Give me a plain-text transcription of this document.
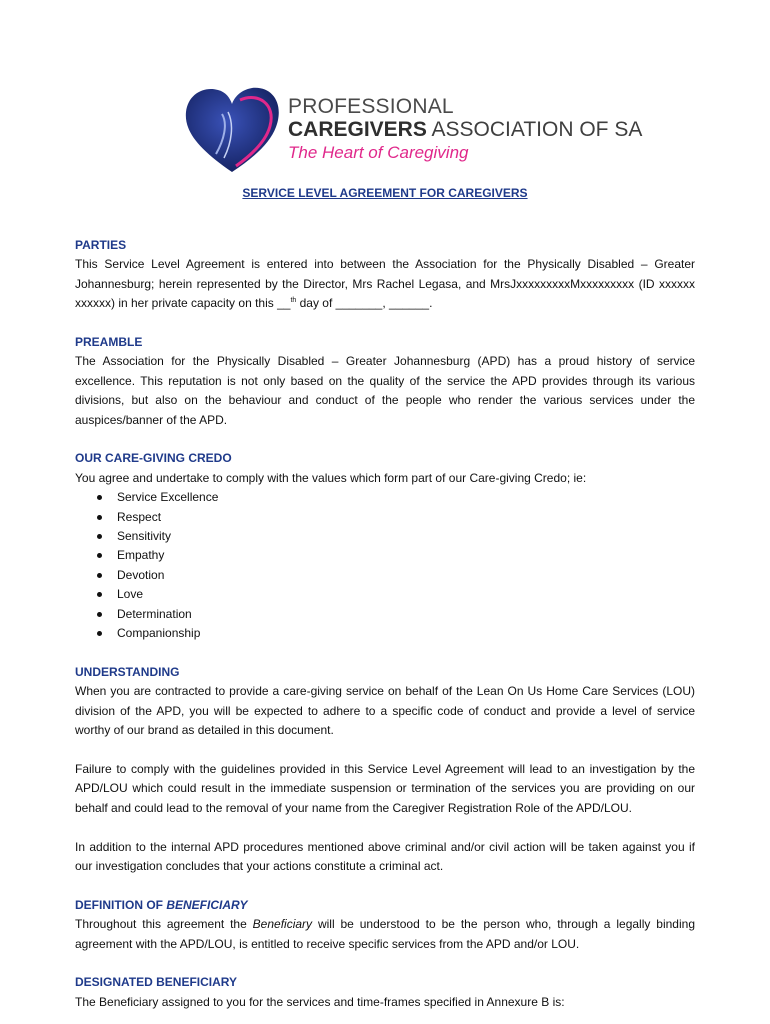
PROFESSIONAL
CAREGIVERS ASSOCIATION OF SA
The Heart of Caregiving
SERVICE LEVEL AGREEMENT FOR CAREGIVERS
PARTIES

This Service Level Agreement is entered into between the Association for the Physically Disabled – Greater Johannesburg; herein represented by the Director, Mrs Rachel Legasa, and MrsJxxxxxxxxxMxxxxxxxxx (ID xxxxxx xxxxxx) in her private capacity on this __$^{th}$ day of _______, ______.

PREAMBLE

The Association for the Physically Disabled – Greater Johannesburg (APD) has a proud history of service excellence. This reputation is not only based on the quality of the service the APD provides through its various divisions, but also on the behaviour and conduct of the people who render the various services under the auspices/banner of the APD.

OUR CARE-GIVING CREDO

You agree and undertake to comply with the values which form part of our Care-giving Credo; ie:

Service Excellence
Respect
Sensitivity
Empathy
Devotion
Love
Determination
Companionship
UNDERSTANDING

When you are contracted to provide a care-giving service on behalf of the Lean On Us Home Care Services (LOU) division of the APD, you will be expected to adhere to a specific code of conduct and provide a level of service worthy of our brand as detailed in this document.

Failure to comply with the guidelines provided in this Service Level Agreement will lead to an investigation by the APD/LOU which could result in the immediate suspension or termination of the services you are providing on our behalf and could lead to the removal of your name from the Caregiver Registration Role of the APD/LOU.

In addition to the internal APD procedures mentioned above criminal and/or civil action will be taken against you if our investigation concludes that your actions constitute a criminal act.

DEFINITION OF BENEFICIARY

Throughout this agreement the Beneficiary will be understood to be the person who, through a legally binding agreement with the APD/LOU, is entitled to receive specific services from the APD and/or LOU.

DESIGNATED BENEFICIARY

The Beneficiary assigned to you for the services and time-frames specified in Annexure B is:
